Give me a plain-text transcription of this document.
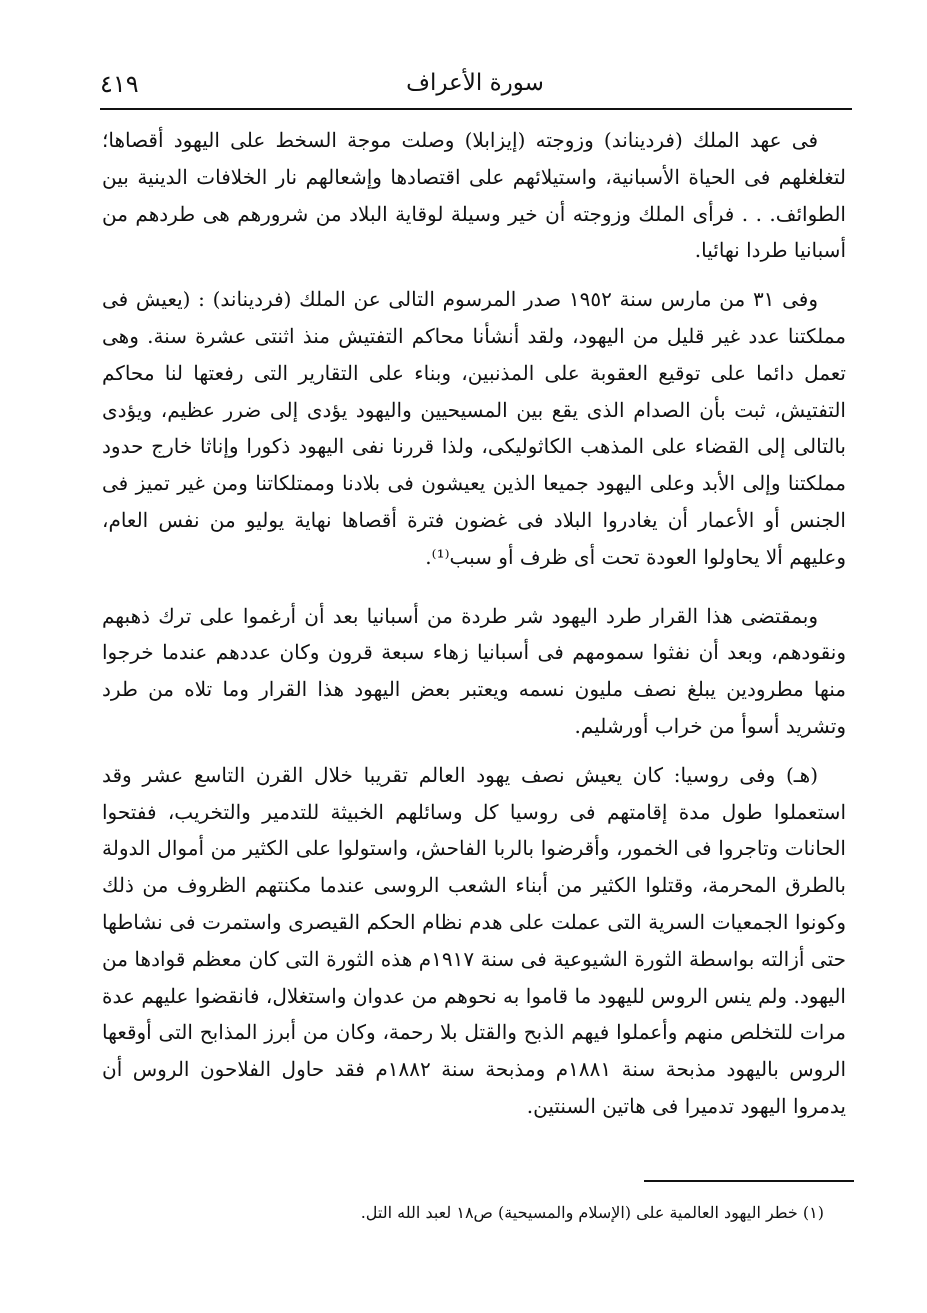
٤١٩	سورة الأعراف

فى عهد الملك (فرديناند) وزوجته (إيزابلا) وصلت موجة السخط على اليهود أقصاها؛ لتغلغلهم فى الحياة الأسبانية، واستيلائهم على اقتصادها وإشعالهم نار الخلافات الدينية بين الطوائف. . . فرأى الملك وزوجته أن خير وسيلة لوقاية البلاد من شرورهم هى طردهم من أسبانيا طردا نهائيا.

وفى ٣١ من مارس سنة ١٩٥٢ صدر المرسوم التالى عن الملك (فرديناند) : (يعيش فى مملكتنا عدد غير قليل من اليهود، ولقد أنشأنا محاكم التفتيش منذ اثنتى عشرة سنة. وهى تعمل دائما على توقيع العقوبة على المذنبين، وبناء على التقارير التى رفعتها لنا محاكم التفتيش، ثبت بأن الصدام الذى يقع بين المسيحيين واليهود يؤدى إلى ضرر عظيم، ويؤدى بالتالى إلى القضاء على المذهب الكاثوليكى، ولذا قررنا نفى اليهود ذكورا وإناثا خارج حدود مملكتنا وإلى الأبد وعلى اليهود جميعا الذين يعيشون فى بلادنا وممتلكاتنا ومن غير تميز فى الجنس أو الأعمار أن يغادروا البلاد فى غضون فترة أقصاها نهاية يوليو من نفس العام، وعليهم ألا يحاولوا العودة تحت أى ظرف أو سبب⁽¹⁾.

وبمقتضى هذا القرار طرد اليهود شر طردة من أسبانيا بعد أن أرغموا على ترك ذهبهم ونقودهم، وبعد أن نفثوا سمومهم فى أسبانيا زهاء سبعة قرون وكان عددهم عندما خرجوا منها مطرودين يبلغ نصف مليون نسمه ويعتبر بعض اليهود هذا القرار وما تلاه من طرد وتشريد أسوأ من خراب أورشليم.

(هـ) وفى روسيا: كان يعيش نصف يهود العالم تقريبا خلال القرن التاسع عشر وقد استعملوا طول مدة إقامتهم فى روسيا كل وسائلهم الخبيثة للتدمير والتخريب، ففتحوا الحانات وتاجروا فى الخمور، وأقرضوا بالربا الفاحش، واستولوا على الكثير من أموال الدولة بالطرق المحرمة، وقتلوا الكثير من أبناء الشعب الروسى عندما مكنتهم الظروف من ذلك وكونوا الجمعيات السرية التى عملت على هدم نظام الحكم القيصرى واستمرت فى نشاطها حتى أزالته بواسطة الثورة الشيوعية فى سنة ١٩١٧م هذه الثورة التى كان معظم قوادها من اليهود. ولم ينس الروس لليهود ما قاموا به نحوهم من عدوان واستغلال، فانقضوا عليهم عدة مرات للتخلص منهم وأعملوا فيهم الذبح والقتل بلا رحمة، وكان من أبرز المذابح التى أوقعها الروس باليهود مذبحة سنة ١٨٨١م ومذبحة سنة ١٨٨٢م فقد حاول الفلاحون الروس أن يدمروا اليهود تدميرا فى هاتين السنتين.

(١) خطر اليهود العالمية على (الإسلام والمسيحية) ص١٨ لعبد الله التل.
